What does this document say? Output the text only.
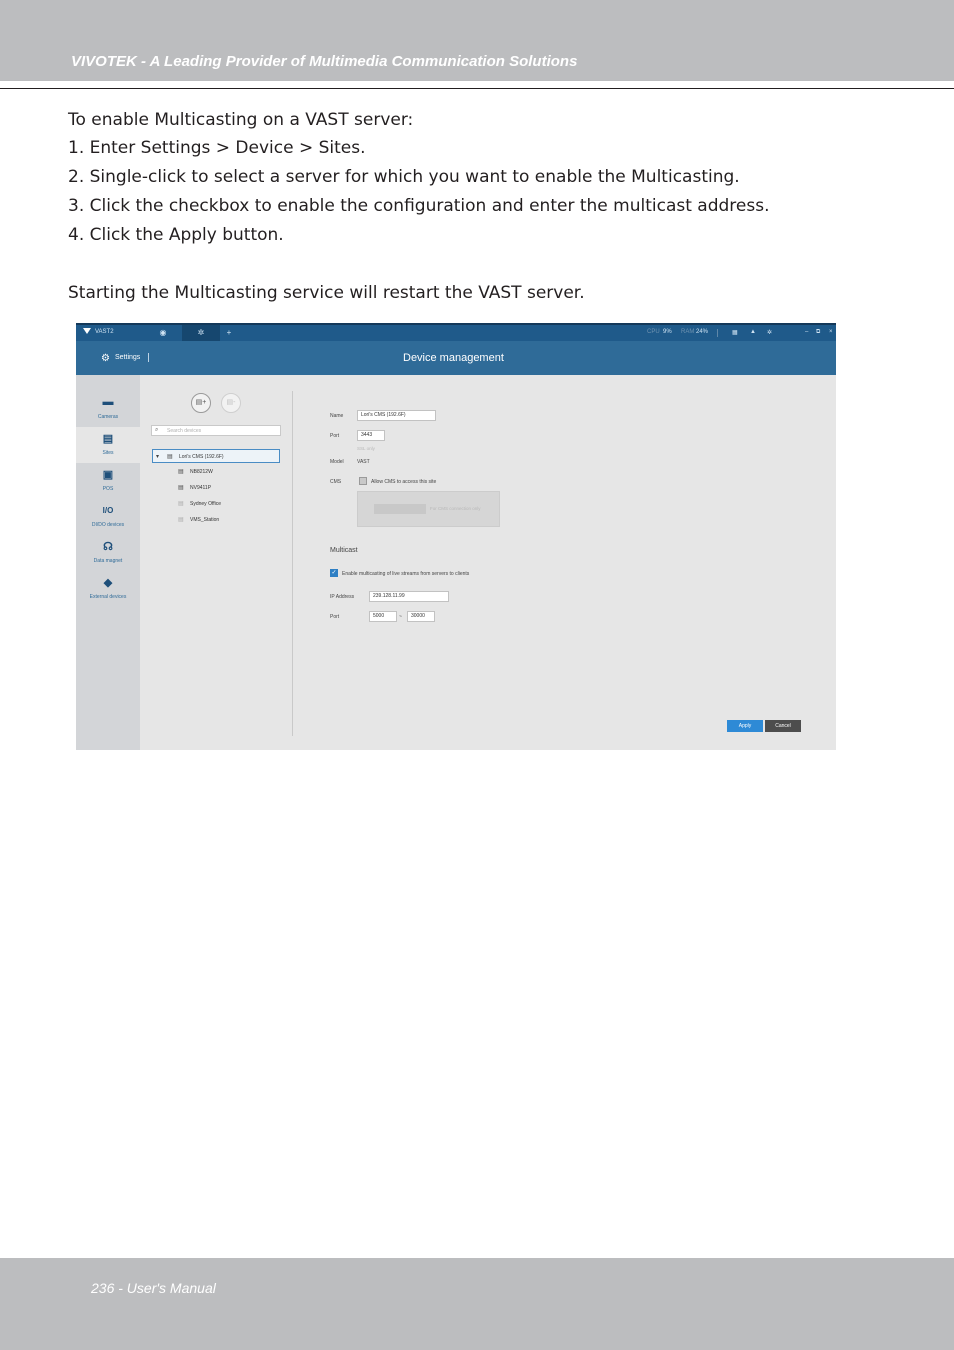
VIVOTEK - A Leading Provider of Multimedia Communication Solutions
To enable Multicasting on a VAST server:
1. Enter Settings > Device > Sites.
2. Single-click to select a server for which you want to enable the Multicasting.
3. Click the checkbox to enable the configuration and enter the multicast address.
4. Click the Apply button.
Starting the Multicasting service will restart the VAST server.
VAST2	◉	✲	+	CPU 9% RAM 24%	▦ ▲ ✲	– ⧉ ×
⚙ Settings	Device management
▬
Cameras
▤
Sites
▣
POS
I/O
DI/DO devices
☊
Data magnet
◆
External devices
▤+	▤-
⌕ Search devices
▾ ▤ Lori's CMS (192.6F)
▤ NB8212W
▤ NV9411P
▤ Sydney Office
▤ VMS_Station
Name	Lori's CMS (192.6F)
Port	3443
SSL only
Model	VAST
CMS	Allow CMS to access this site
For CMS connection only
Multicast
✓ Enable multicasting of live streams from servers to clients
IP Address	239.128.11.99
Port	5000	~	30000
Apply	Cancel
236 - User's Manual
